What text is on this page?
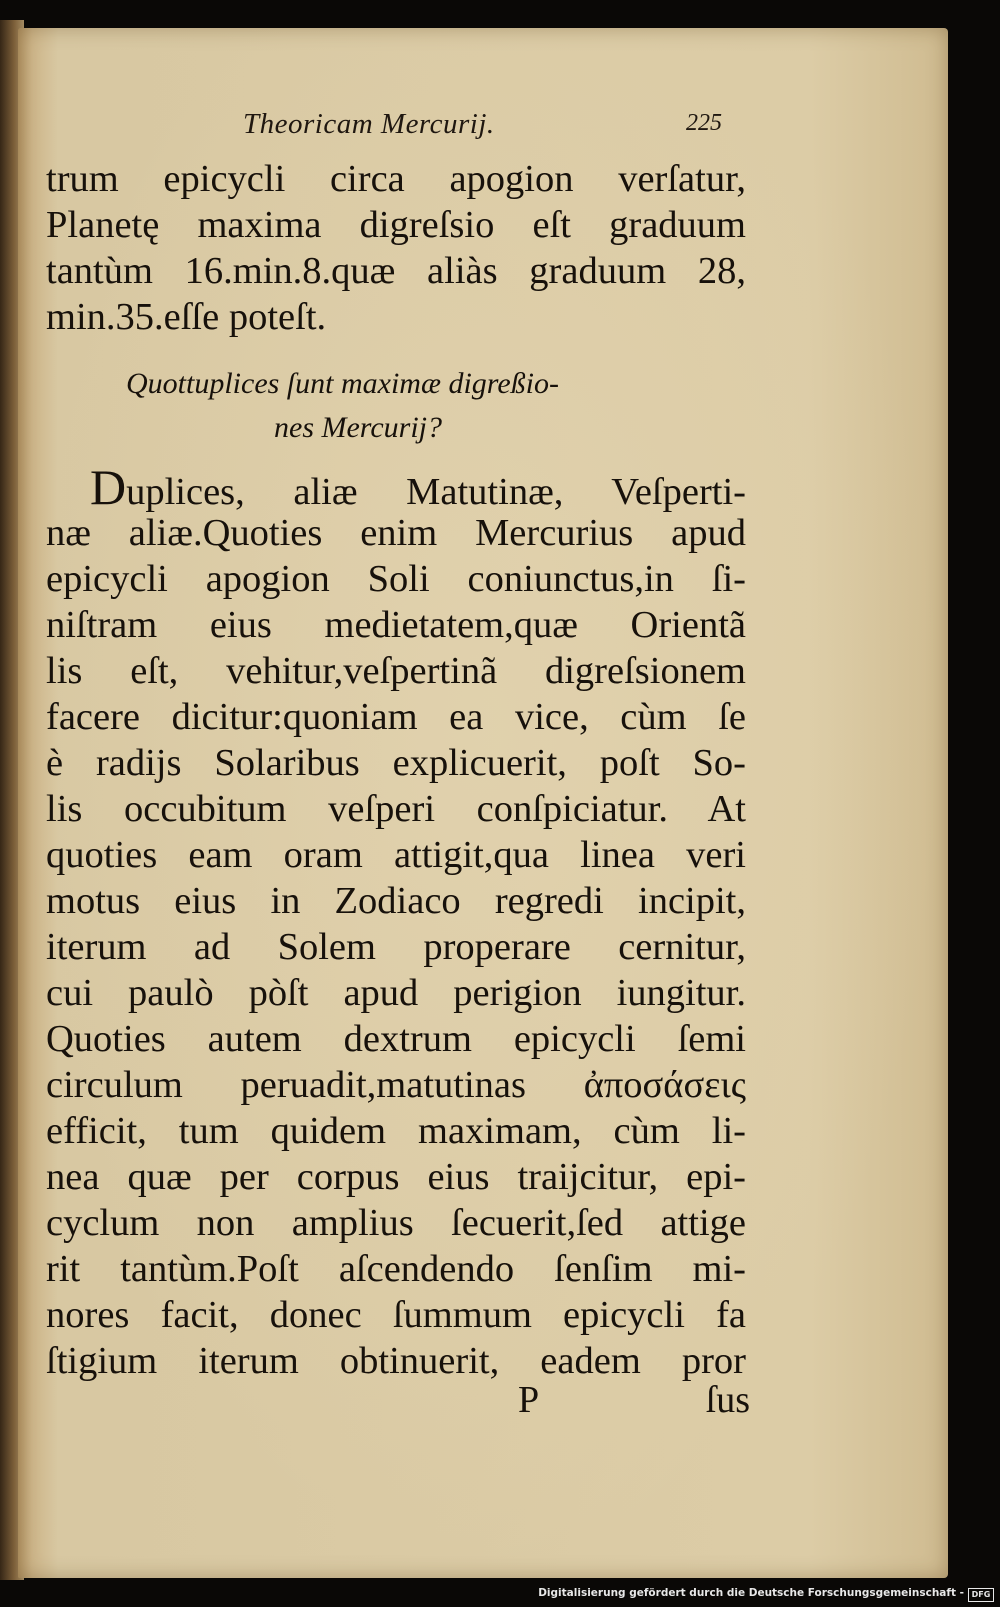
Theoricam Mercurij.	225
trum epicycli circa apogion verſatur,
Planetę maxima digreſsio eſt graduum
tantùm 16.min.8.quæ aliàs graduum 28,
min.35.eſſe poteſt.
Quottuplices ſunt maximæ digreßio-
nes Mercurij?
Duplices, aliæ Matutinæ, Veſperti-
næ aliæ.Quoties enim Mercurius apud
epicycli apogion Soli coniunctus,in ſi-
niſtram eius medietatem,quæ Orientã
lis eſt, vehitur,veſpertinã digreſsionem
facere dicitur:quoniam ea vice, cùm ſe
è radijs Solaribus explicuerit, poſt So-
lis occubitum veſperi conſpiciatur. At
quoties eam oram attigit,qua linea veri
motus eius in Zodiaco regredi incipit,
iterum ad Solem properare cernitur,
cui paulò pòſt apud perigion iungitur.
Quoties autem dextrum epicycli ſemi
circulum peruadit,matutinas ἀποσάσεις
efficit, tum quidem maximam, cùm li-
nea quæ per corpus eius traijcitur, epi-
cyclum non amplius ſecuerit,ſed attige
rit tantùm.Poſt aſcendendo ſenſim mi-
nores facit, donec ſummum epicycli fa
ſtigium iterum obtinuerit, eadem pror
P	ſus
Digitalisierung gefördert durch die Deutsche Forschungsgemeinschaft - DFG
